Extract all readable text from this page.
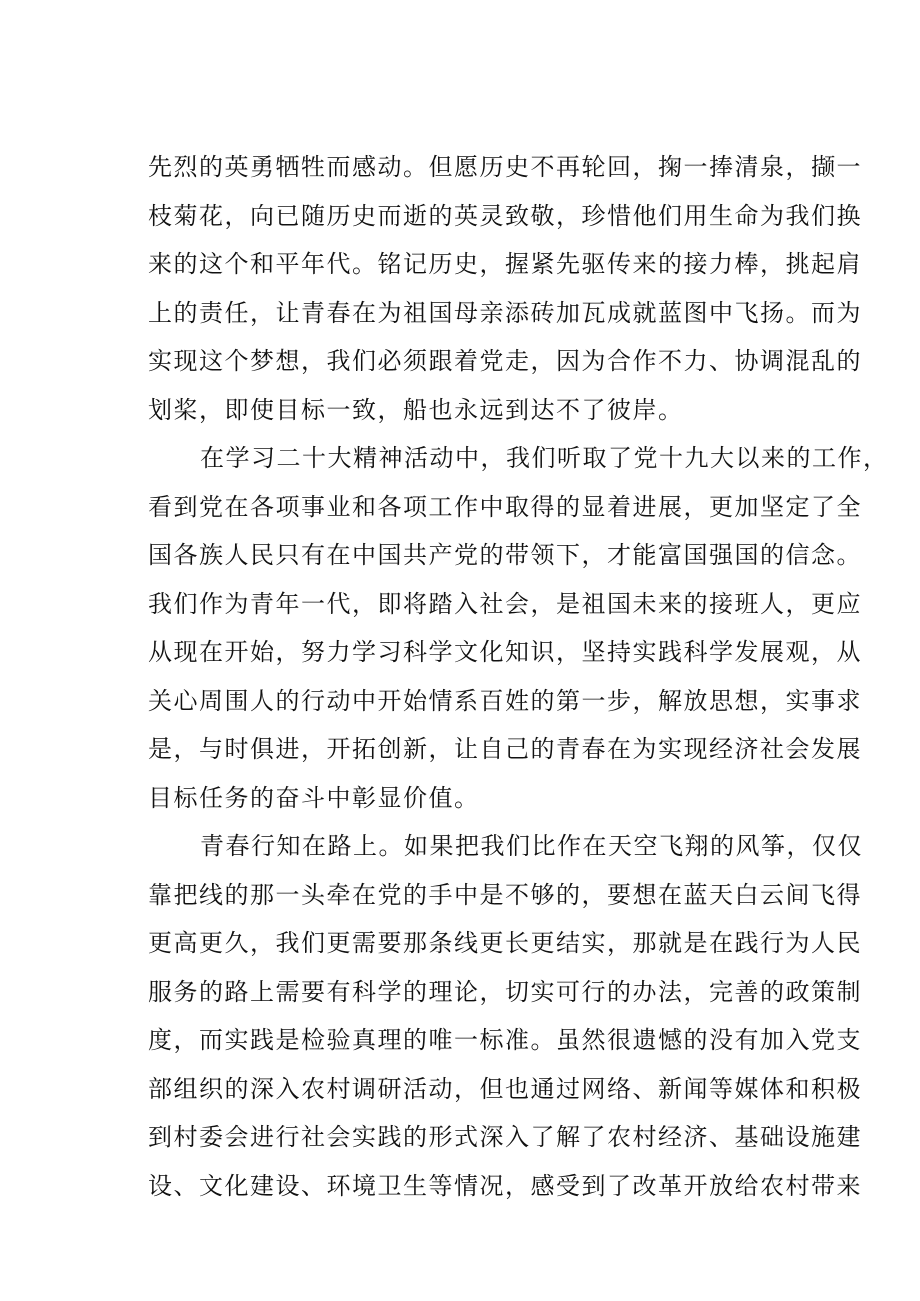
先烈的英勇牺牲而感动。但愿历史不再轮回，掬一捧清泉，撷一
枝菊花，向已随历史而逝的英灵致敬，珍惜他们用生命为我们换
来的这个和平年代。铭记历史，握紧先驱传来的接力棒，挑起肩
上的责任，让青春在为祖国母亲添砖加瓦成就蓝图中飞扬。而为
实现这个梦想，我们必须跟着党走，因为合作不力、协调混乱的
划桨，即使目标一致，船也永远到达不了彼岸。
在学习二十大精神活动中，我们听取了党十九大以来的工作，
看到党在各项事业和各项工作中取得的显着进展，更加坚定了全
国各族人民只有在中国共产党的带领下，才能富国强国的信念。
我们作为青年一代，即将踏入社会，是祖国未来的接班人，更应
从现在开始，努力学习科学文化知识，坚持实践科学发展观，从
关心周围人的行动中开始情系百姓的第一步，解放思想，实事求
是，与时俱进，开拓创新，让自己的青春在为实现经济社会发展
目标任务的奋斗中彰显价值。
青春行知在路上。如果把我们比作在天空飞翔的风筝，仅仅
靠把线的那一头牵在党的手中是不够的，要想在蓝天白云间飞得
更高更久，我们更需要那条线更长更结实，那就是在践行为人民
服务的路上需要有科学的理论，切实可行的办法，完善的政策制
度，而实践是检验真理的唯一标准。虽然很遗憾的没有加入党支
部组织的深入农村调研活动，但也通过网络、新闻等媒体和积极
到村委会进行社会实践的形式深入了解了农村经济、基础设施建
设、文化建设、环境卫生等情况，感受到了改革开放给农村带来
